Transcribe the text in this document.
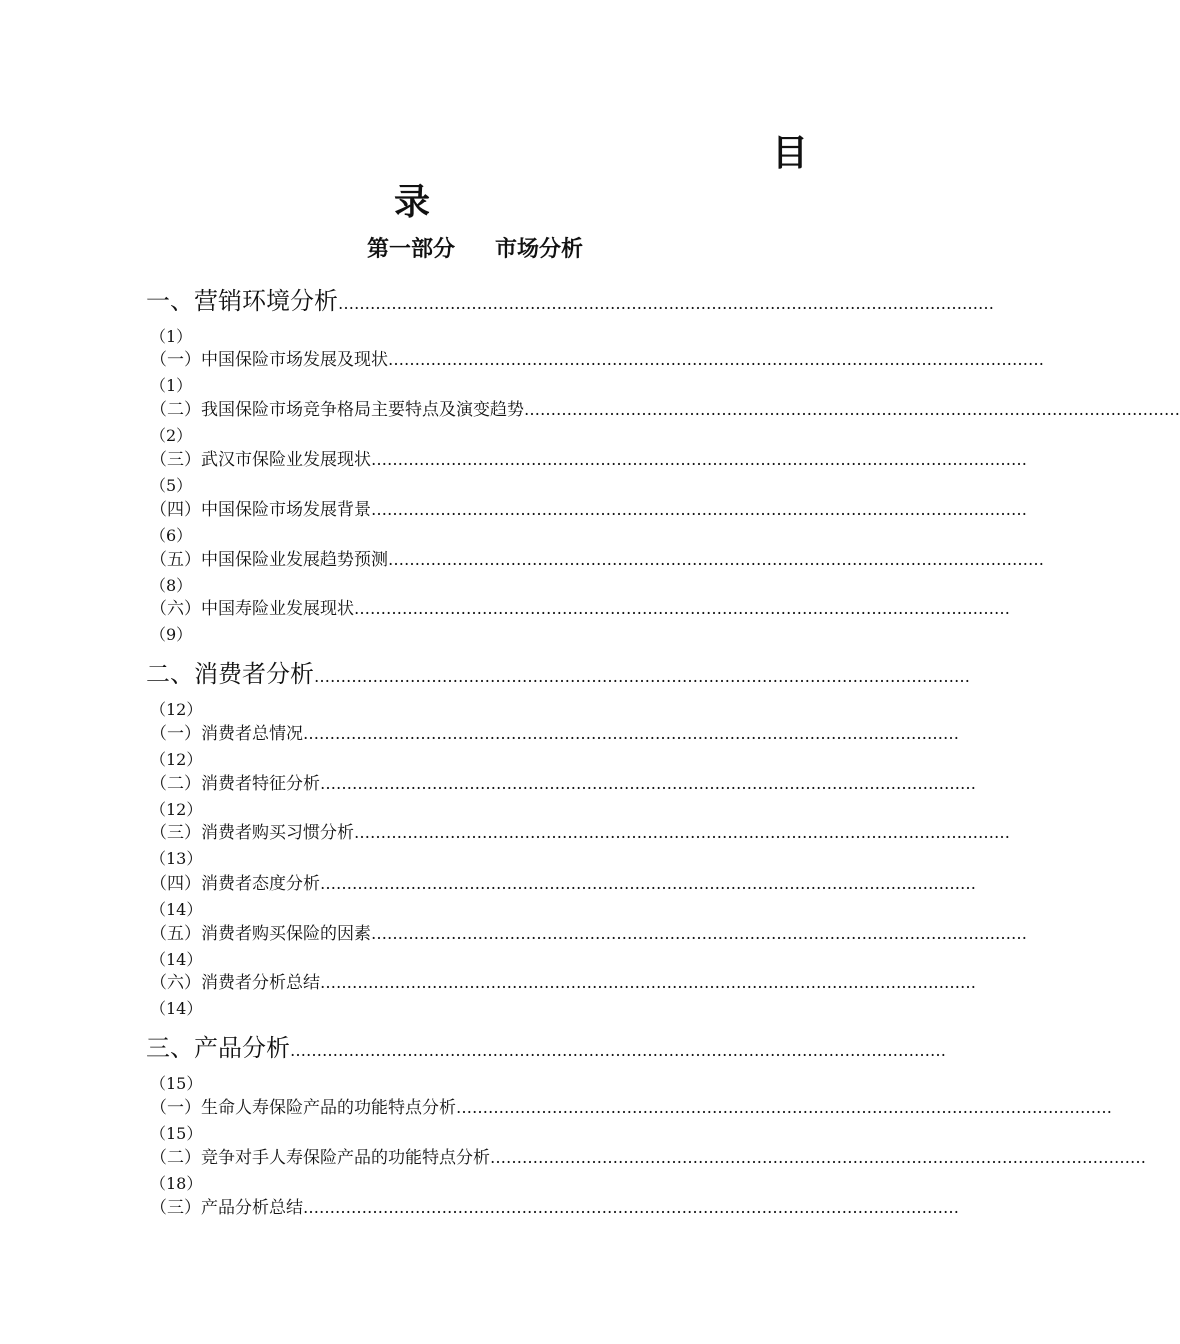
目
录
第一部分 市场分析
一、营销环境分析 ……………………………………………………………………………………………………………
（1）
（一）中国保险市场发展及现状 ……………………………………………………………………………………………………………
（1）
（二）我国保险市场竞争格局主要特点及演变趋势 ……………………………………………………………………………………………………………
（2）
（三）武汉市保险业发展现状 ……………………………………………………………………………………………………………
（5）
（四）中国保险市场发展背景 ……………………………………………………………………………………………………………
（6）
（五）中国保险业发展趋势预测 ……………………………………………………………………………………………………………
（8）
（六）中国寿险业发展现状 ……………………………………………………………………………………………………………
（9）
二、消费者分析 ……………………………………………………………………………………………………………
（12）
（一）消费者总情况 ……………………………………………………………………………………………………………
（12）
（二）消费者特征分析 ……………………………………………………………………………………………………………
（12）
（三）消费者购买习惯分析 ……………………………………………………………………………………………………………
（13）
（四）消费者态度分析 ……………………………………………………………………………………………………………
（14）
（五）消费者购买保险的因素 ……………………………………………………………………………………………………………
（14）
（六）消费者分析总结 ……………………………………………………………………………………………………………
（14）
三、产品分析 ……………………………………………………………………………………………………………
（15）
（一）生命人寿保险产品的功能特点分析 ……………………………………………………………………………………………………………
（15）
（二）竞争对手人寿保险产品的功能特点分析 ……………………………………………………………………………………………………………
（18）
（三）产品分析总结 ……………………………………………………………………………………………………………
